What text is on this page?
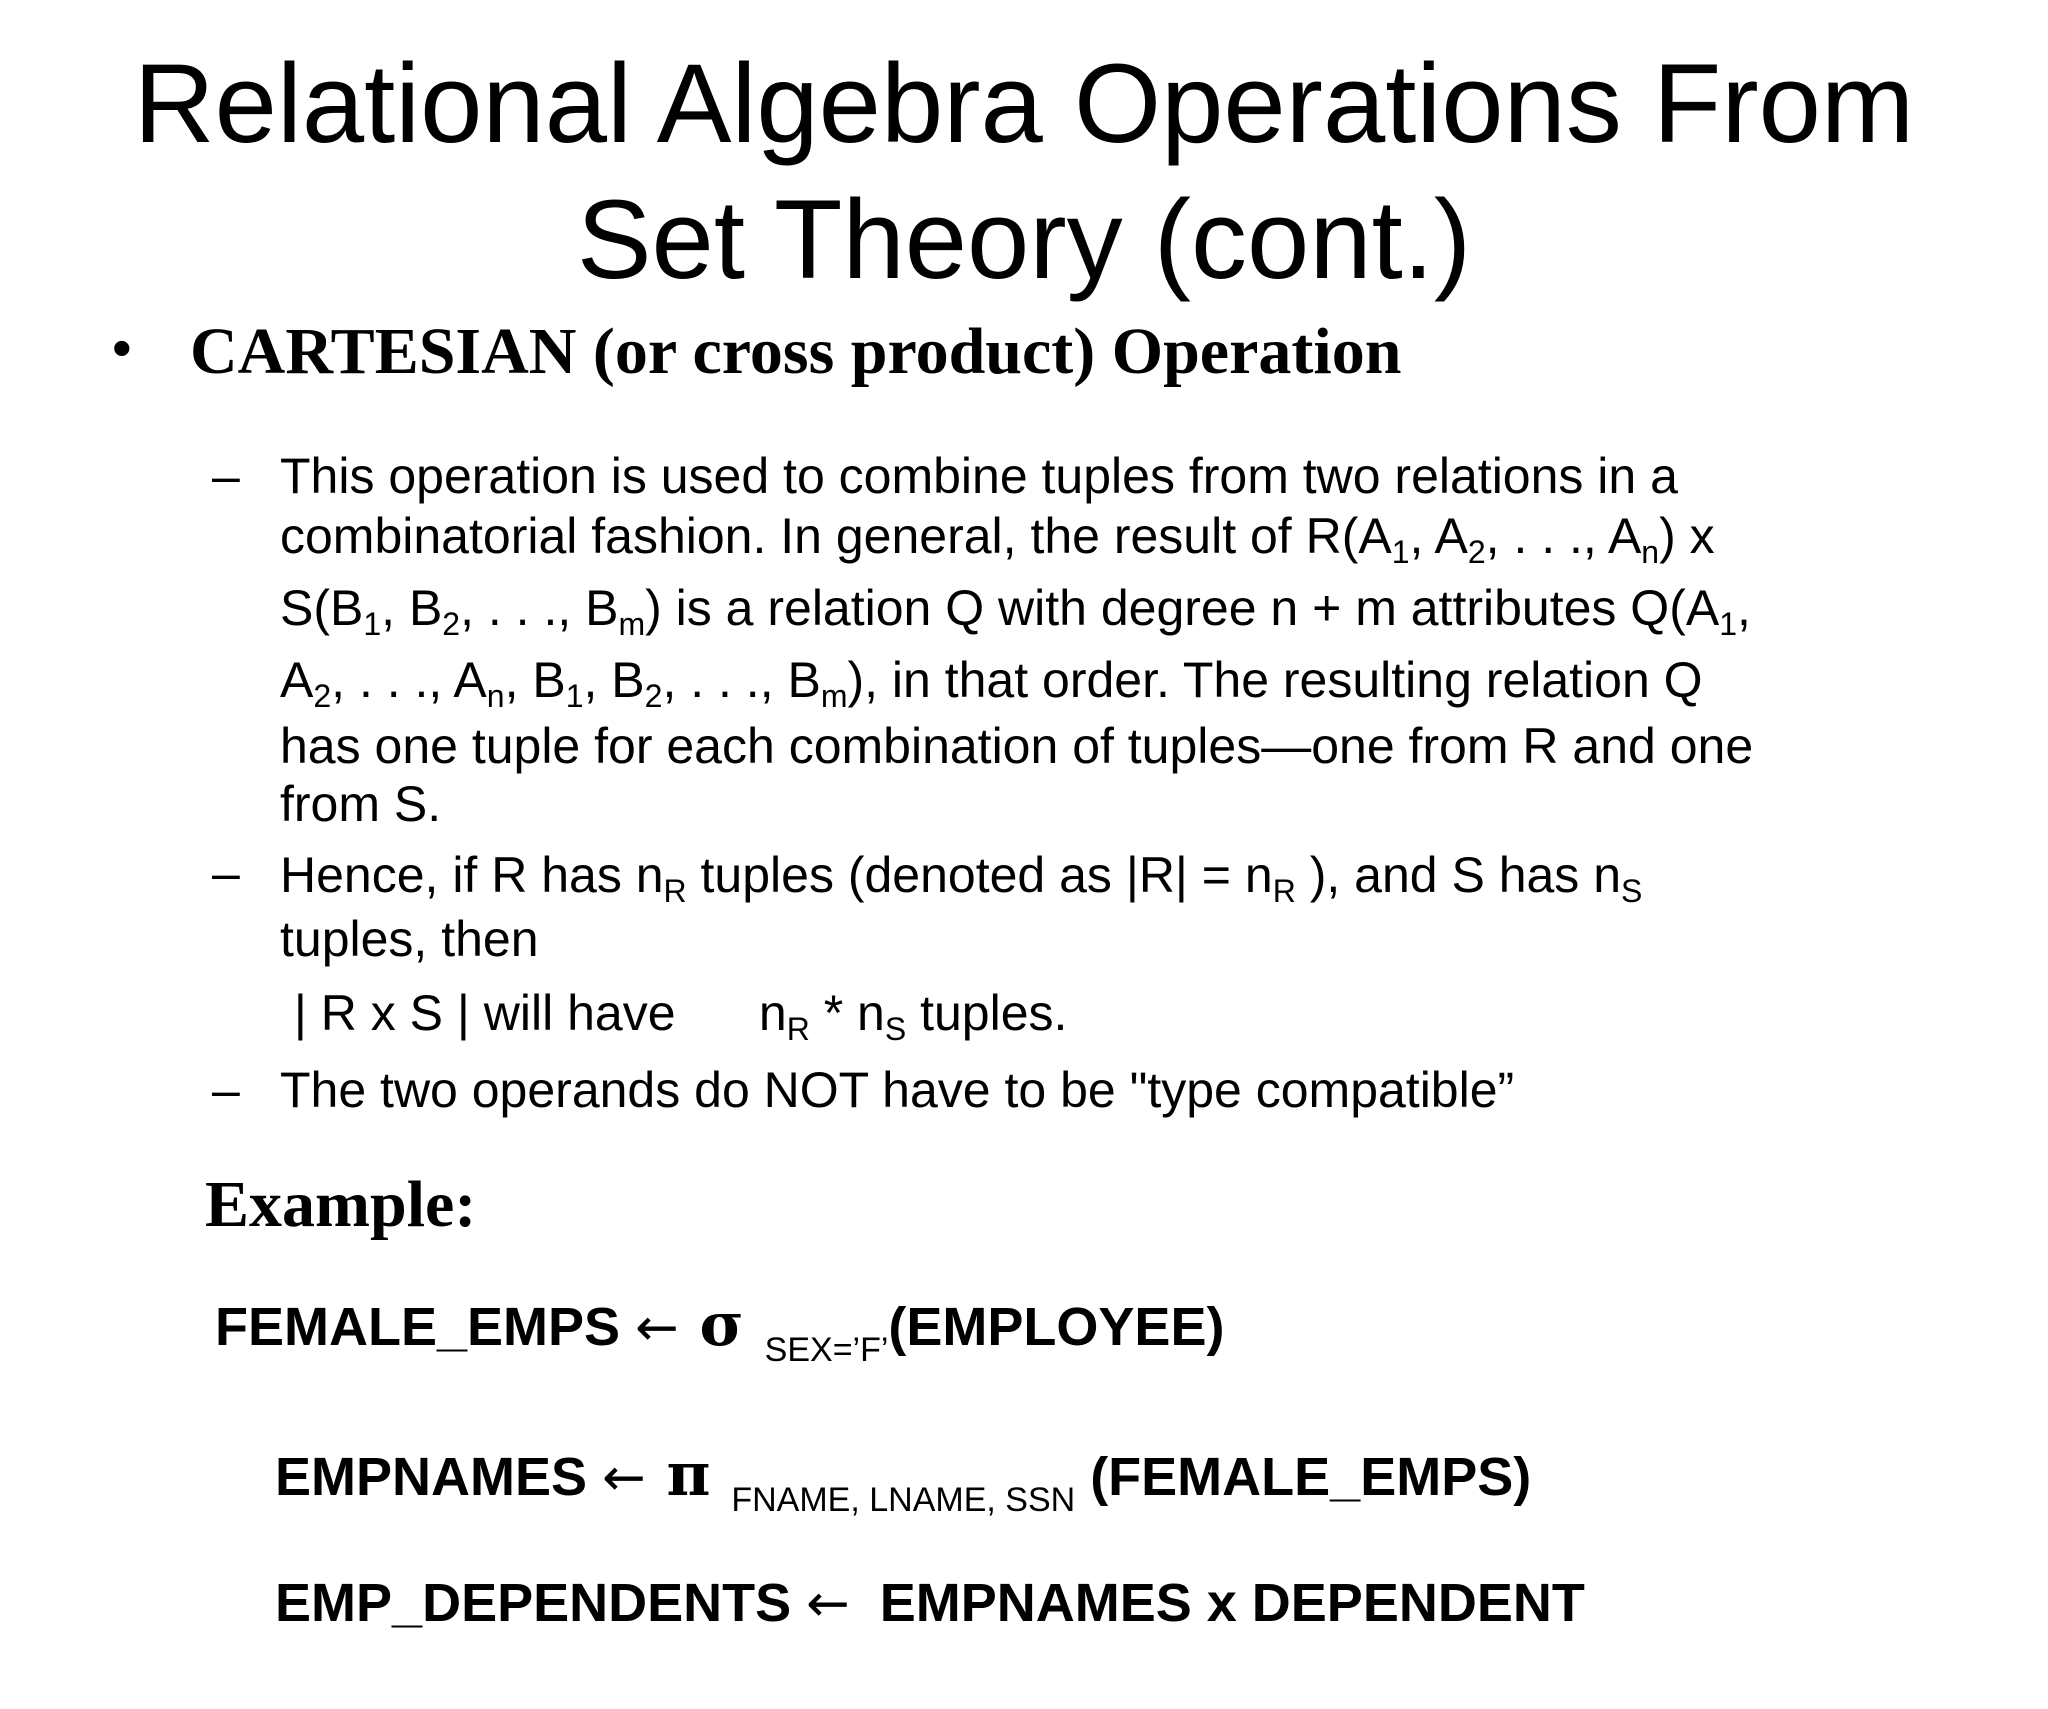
Relational Algebra Operations From
Set Theory (cont.)
• CARTESIAN (or cross product) Operation
– This operation is used to combine tuples from two relations in a
combinatorial fashion. In general, the result of $R(A_1$, $A_2$, . . ., $A_n$) x
$S(B_1$, $B_2$, . . ., $B_m$) is a relation Q with degree n + m attributes $Q(A_1$,
$A_2$, . . ., $A_n$, $B_1$, $B_2$, . . ., $B_m$), in that order. The resulting relation Q
has one tuple for each combination of tuples—one from R and one
from S.
– Hence, if R has $n_R$ tuples (denoted as $|R| = n_R$ ), and S has $n_S$
tuples, then
| R x S | will have      $n_R * n_S$ tuples.
– The two operands do NOT have to be "type compatible”
Example:
FEMALE_EMPS ← σ $_{SEX=’F’}$(EMPLOYEE)

EMPNAMES ← π $_{FNAME, LNAME, SSN}$ (FEMALE_EMPS)

EMP_DEPENDENTS ←  EMPNAMES x DEPENDENT
